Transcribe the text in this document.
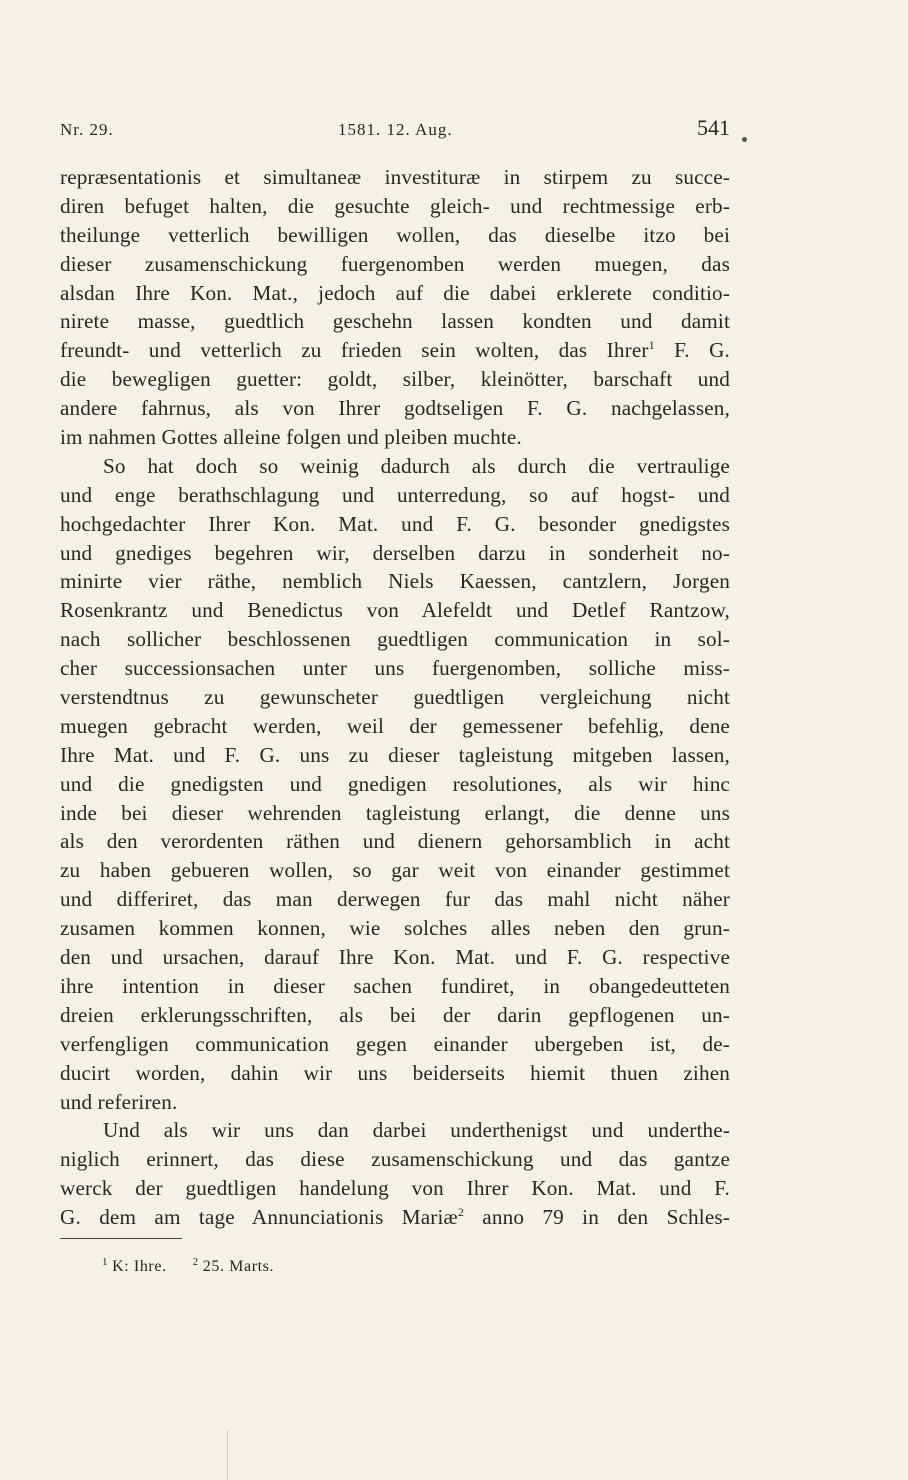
Nr. 29.	1581. 12. Aug.	541
repræsentationis et simultaneæ investituræ in stirpem zu succe-
diren befuget halten, die gesuchte gleich- und rechtmessige erb-
theilunge vetterlich bewilligen wollen, das dieselbe itzo bei
dieser zusamenschickung fuergenomben werden muegen, das
alsdan Ihre Kon. Mat., jedoch auf die dabei erklerete conditio-
nirete masse, guedtlich geschehn lassen kondten und damit
freundt- und vetterlich zu frieden sein wolten, das Ihrer$^1$ F. G.
die bewegligen guetter: goldt, silber, kleinötter, barschaft und
andere fahrnus, als von Ihrer godtseligen F. G. nachgelassen,
im nahmen Gottes alleine folgen und pleiben muchte.
So hat doch so weinig dadurch als durch die vertraulige
und enge berathschlagung und unterredung, so auf hogst- und
hochgedachter Ihrer Kon. Mat. und F. G. besonder gnedigstes
und gnediges begehren wir, derselben darzu in sonderheit no-
minirte vier räthe, nemblich Niels Kaessen, cantzlern, Jorgen
Rosenkrantz und Benedictus von Alefeldt und Detlef Rantzow,
nach sollicher beschlossenen guedtligen communication in sol-
cher successionsachen unter uns fuergenomben, solliche miss-
verstendtnus zu gewunscheter guedtligen vergleichung nicht
muegen gebracht werden, weil der gemessener befehlig, dene
Ihre Mat. und F. G. uns zu dieser tagleistung mitgeben lassen,
und die gnedigsten und gnedigen resolutiones, als wir hinc
inde bei dieser wehrenden tagleistung erlangt, die denne uns
als den verordenten räthen und dienern gehorsamblich in acht
zu haben gebueren wollen, so gar weit von einander gestimmet
und differiret, das man derwegen fur das mahl nicht näher
zusamen kommen konnen, wie solches alles neben den grun-
den und ursachen, darauf Ihre Kon. Mat. und F. G. respective
ihre intention in dieser sachen fundiret, in obangedeutteten
dreien erklerungsschriften, als bei der darin gepflogenen un-
verfengligen communication gegen einander ubergeben ist, de-
ducirt worden, dahin wir uns beiderseits hiemit thuen zihen
und referiren.
Und als wir uns dan darbei underthenigst und underthe-
niglich erinnert, das diese zusamenschickung und das gantze
werck der guedtligen handelung von Ihrer Kon. Mat. und F.
G. dem am tage Annunciationis Mariæ$^2$ anno 79 in den Schles-
$^1$ K: Ihre. $^2$ 25. Marts.
